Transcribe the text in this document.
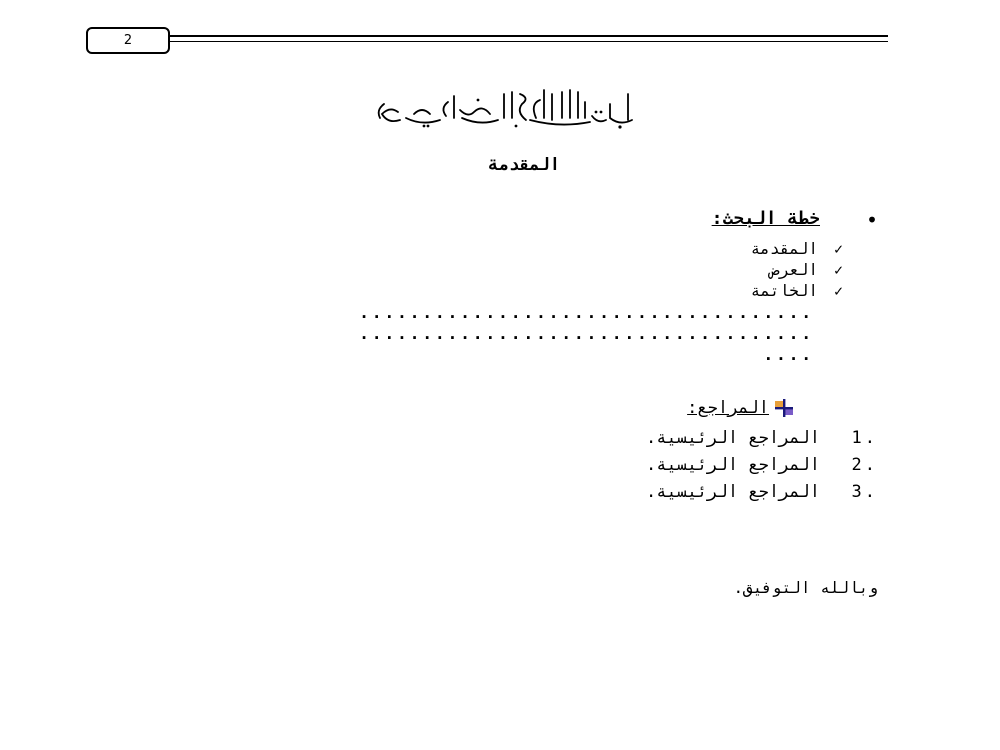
2
المقدمة
•
خطة البحث:
✓
المقدمة
✓
العرض
✓
الخاتمة
....................................
....................................
....
المراجع:
1.
المراجع الرئيسية.
2.
المراجع الرئيسية.
3.
المراجع الرئيسية.
وبالله التوفيق.
